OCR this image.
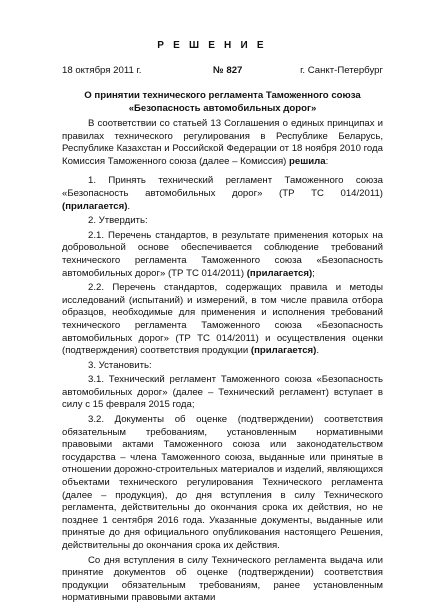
Р Е Ш Е Н И Е
18 октября 2011 г.	№ 827	г. Санкт-Петербург
О принятии технического регламента Таможенного союза
«Безопасность автомобильных дорог»

В соответствии со статьей 13 Соглашения о единых принципах и правилах технического регулирования в Республике Беларусь, Республике Казахстан и Российской Федерации от 18 ноября 2010 года Комиссия Таможенного союза (далее – Комиссия) решила:

1. Принять технический регламент Таможенного союза «Безопасность автомобильных дорог» (ТР ТС 014/2011) (прилагается).

2. Утвердить:

2.1. Перечень стандартов, в результате применения которых на добровольной основе обеспечивается соблюдение требований технического регламента Таможенного союза «Безопасность автомобильных дорог» (ТР ТС 014/2011) (прилагается);

2.2. Перечень стандартов, содержащих правила и методы исследований (испытаний) и измерений, в том числе правила отбора образцов, необходимые для применения и исполнения требований технического регламента Таможенного союза «Безопасность автомобильных дорог» (ТР ТС 014/2011) и осуществления оценки (подтверждения) соответствия продукции (прилагается).

3. Установить:

3.1. Технический регламент Таможенного союза «Безопасность автомобильных дорог» (далее – Технический регламент) вступает в силу с 15 февраля 2015 года;

3.2. Документы об оценке (подтверждении) соответствия обязательным требованиям, установленным нормативными правовыми актами Таможенного союза или законодательством государства – члена Таможенного союза, выданные или принятые в отношении дорожно-строительных материалов и изделий, являющихся объектами технического регулирования Технического регламента (далее – продукция), до дня вступления в силу Технического регламента, действительны до окончания срока их действия, но не позднее 1 сентября 2016 года. Указанные документы, выданные или принятые до дня официального опубликования настоящего Решения, действительны до окончания срока их действия.

Со дня вступления в силу Технического регламента выдача или принятие документов об оценке (подтверждении) соответствия продукции обязательным требованиям, ранее установленным нормативными правовыми актами
